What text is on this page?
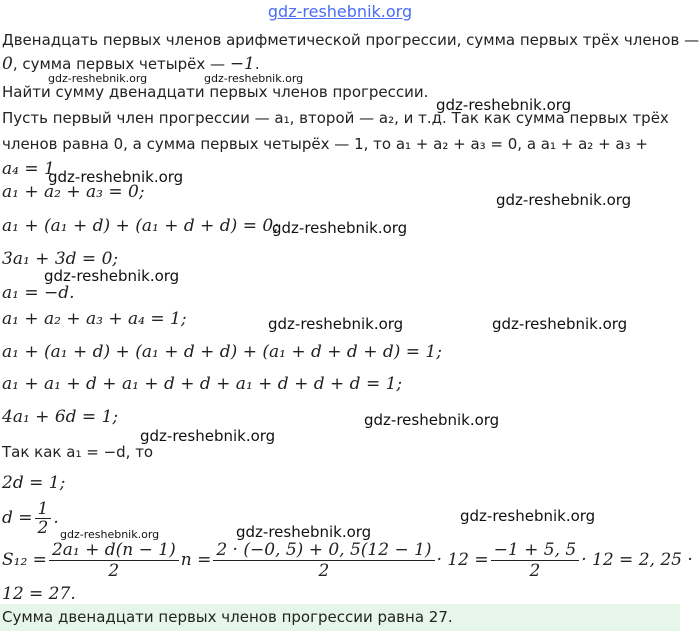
gdz-reshebnik.org
Двенадцать первых членов арифметической прогрессии, сумма первых трёх членов —
0, сумма первых четырёх — −1.
Найти сумму двенадцати первых членов прогрессии.
Пусть первый член прогрессии — a₁, второй — a₂, и т.д. Так как сумма первых трёх
членов равна 0, а сумма первых четырёх — 1, то a₁ + a₂ + a₃ = 0, а a₁ + a₂ + a₃ +
a₄ = 1
a₁ + a₂ + a₃ = 0;
a₁ + (a₁ + d) + (a₁ + d + d) = 0;
3a₁ + 3d = 0;
a₁ = −d.
a₁ + a₂ + a₃ + a₄ = 1;
a₁ + (a₁ + d) + (a₁ + d + d) + (a₁ + d + d + d) = 1;
a₁ + a₁ + d + a₁ + d + d + a₁ + d + d + d = 1;
4a₁ + 6d = 1;
Так как a₁ = −d, то
2d = 1;
$d = \frac{1}{2}$ .
$S_{12} = \frac{\text{2a₁ + d(n − 1)}}{2}$ $n = \frac{2 \cdot (-0, 5) + 0, 5(12 - 1)}{2} \cdot 12 = \frac{-1 + 5, 5}{2} \cdot 12 = 2$, 25 ·
12 = 27.
Сумма двенадцати первых членов прогрессии равна 27.
gdz-reshebnik.org	gdz-reshebnik.org
gdz-reshebnik.org
gdz-reshebnik.org
gdz-reshebnik.org
gdz-reshebnik.org
gdz-reshebnik.org
gdz-reshebnik.org	gdz-reshebnik.org
gdz-reshebnik.org
gdz-reshebnik.org
gdz-reshebnik.org
gdz-reshebnik.org
gdz-reshebnik.org
